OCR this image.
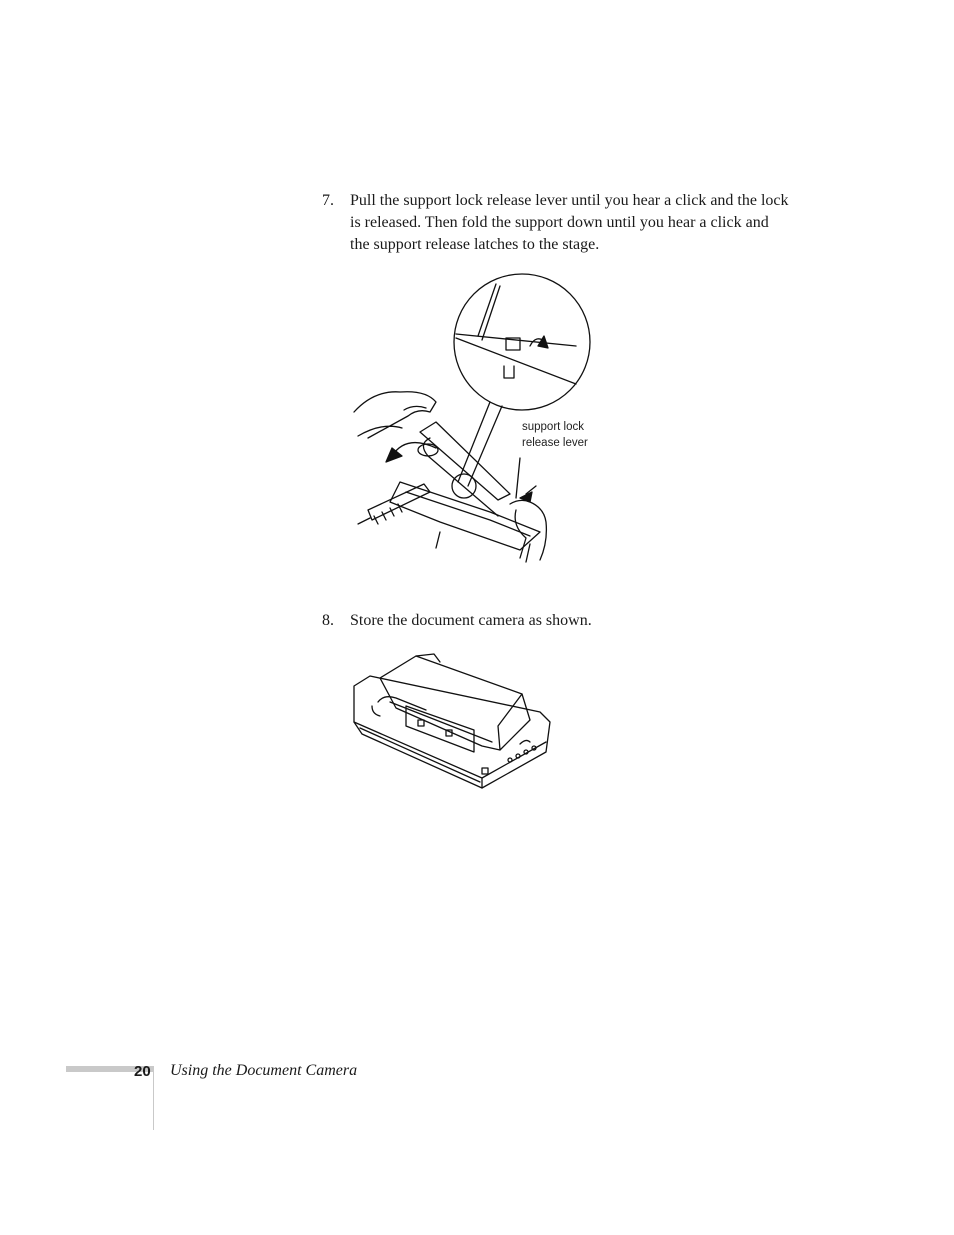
7. Pull the support lock release lever until you hear a click and the lock is released. Then fold the support down until you hear a click and the support release latches to the stage.
support lock
release lever
8. Store the document camera as shown.
20 Using the Document Camera
